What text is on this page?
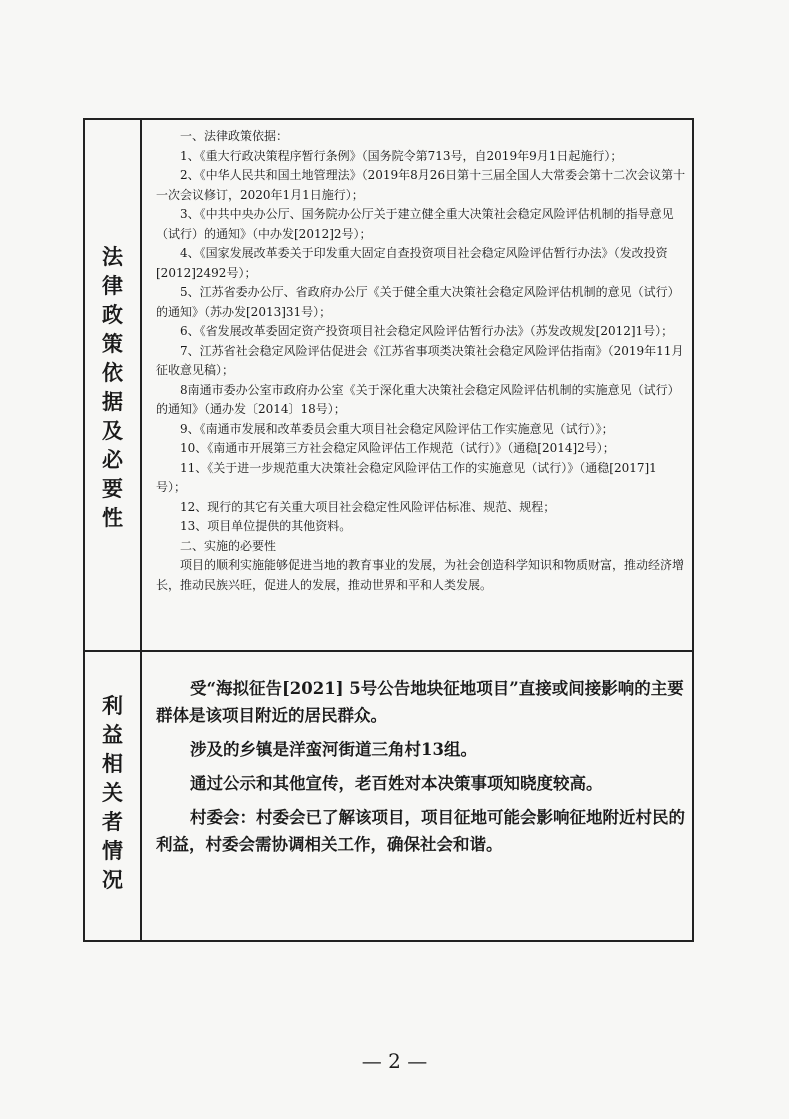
法
律
政
策
依
据
及
必
要
性
利
益
相
关
者
情
况

一、法律政策依据：

1、《重大行政决策程序暂行条例》（国务院令第713号，自2019年9月1日起施行）；

2、《中华人民共和国土地管理法》（2019年8月26日第十三届全国人大常委会第十二次会议第十一次会议修订，2020年1月1日施行）；

3、《中共中央办公厅、国务院办公厅关于建立健全重大决策社会稳定风险评估机制的指导意见（试行）的通知》（中办发[2012]2号）；

4、《国家发展改革委关于印发重大固定自查投资项目社会稳定风险评估暂行办法》（发改投资[2012]2492号）；

5、江苏省委办公厅、省政府办公厅《关于健全重大决策社会稳定风险评估机制的意见（试行）的通知》（苏办发[2013]31号）；

6、《省发展改革委固定资产投资项目社会稳定风险评估暂行办法》（苏发改规发[2012]1号）；

7、江苏省社会稳定风险评估促进会《江苏省事项类决策社会稳定风险评估指南》（2019年11月征收意见稿）；

8南通市委办公室市政府办公室《关于深化重大决策社会稳定风险评估机制的实施意见（试行）的通知》（通办发〔2014〕18号）；

9、《南通市发展和改革委员会重大项目社会稳定风险评估工作实施意见（试行）》；

10、《南通市开展第三方社会稳定风险评估工作规范（试行）》（通稳[2014]2号）；

11、《关于进一步规范重大决策社会稳定风险评估工作的实施意见（试行）》（通稳[2017]1号）；

12、现行的其它有关重大项目社会稳定性风险评估标准、规范、规程；

13、项目单位提供的其他资料。

二、实施的必要性

项目的顺利实施能够促进当地的教育事业的发展，为社会创造科学知识和物质财富，推动经济增长，推动民族兴旺，促进人的发展，推动世界和平和人类发展。

受“海拟征告[2021] 5号公告地块征地项目”直接或间接影响的主要群体是该项目附近的居民群众。

涉及的乡镇是洋蛮河街道三角村13组。

通过公示和其他宣传，老百姓对本决策事项知晓度较高。

村委会：村委会已了解该项目，项目征地可能会影响征地附近村民的利益，村委会需协调相关工作，确保社会和谐。

— 2 —
